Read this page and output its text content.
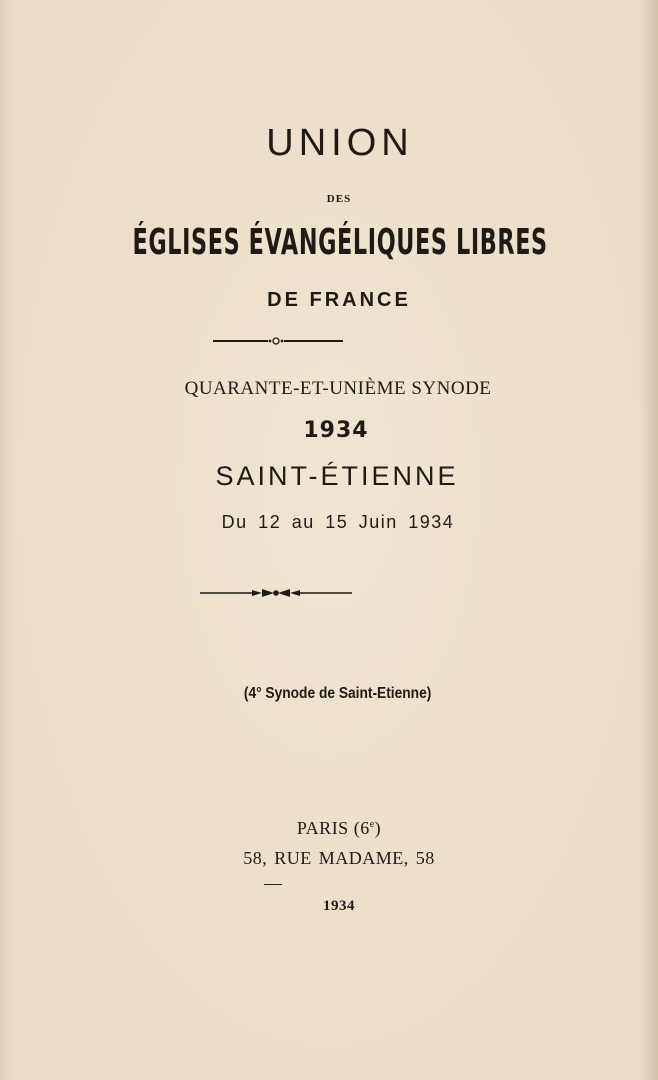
UNION
DES
ÉGLISES ÉVANGÉLIQUES LIBRES
DE FRANCE
QUARANTE-ET-UNIÈME SYNODE
1934
SAINT-ÉTIENNE
Du 12 au 15 Juin 1934
(4° Synode de Saint-Etienne)
PARIS (6e)
58, RUE MADAME, 58
1934
